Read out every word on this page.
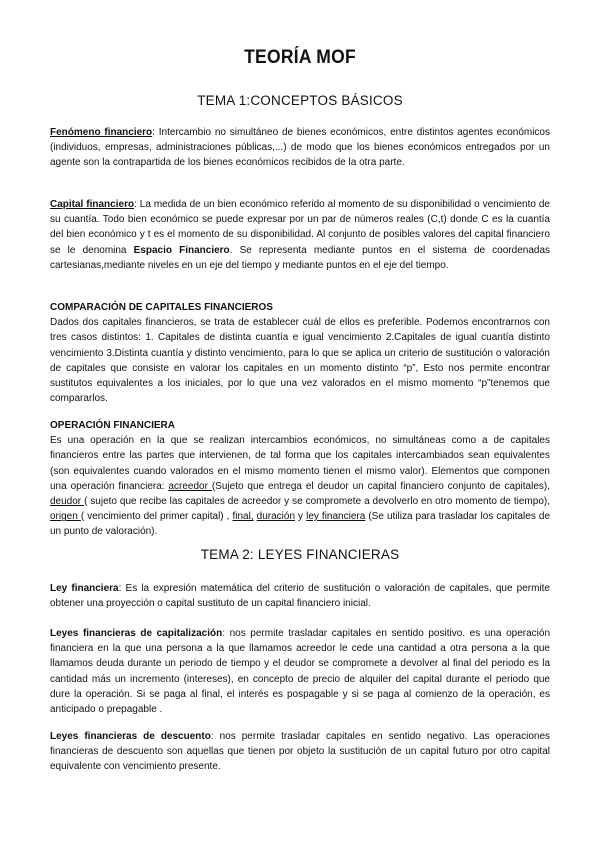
TEORÍA MOF
TEMA 1:CONCEPTOS BÁSICOS

Fenómeno financiero: Intercambio no simultáneo de bienes económicos, entre distintos agentes económicos (individuos, empresas, administraciones públicas,...) de modo que los bienes económicos entregados por un agente son la contrapartida de los bienes económicos recibidos de la otra parte.

Capital financiero: La medida de un bien económico referido al momento de su disponibilidad o vencimiento de su cuantía. Todo bien económico se puede expresar por un par de números reales (C,t) donde C es la cuantía del bien económico y t es el momento de su disponibilidad. Al conjunto de posibles valores del capital financiero se le denomina Espacio Financiero. Se representa mediante puntos en el sistema de coordenadas cartesianas,mediante niveles en un eje del tiempo y mediante puntos en el eje del tiempo.

COMPARACIÓN DE CAPITALES FINANCIEROS
Dados dos capitales financieros, se trata de establecer cuál de ellos es preferible. Podemos encontrarnos con tres casos distintos: 1. Capitales de distinta cuantía e igual vencimiento 2.Capitales de igual cuantía distinto vencimiento 3.Distinta cuantía y distinto vencimiento, para lo que se aplica un criterio de sustitución o valoración de capitales que consiste en valorar los capitales en un momento distinto “p”, Esto nos permite encontrar sustitutos equivalentes a los iniciales, por lo que una vez valorados en el mismo momento “p”tenemos que compararlos.
OPERACIÓN FINANCIERA
Es una operación en la que se realizan intercambios económicos, no simultáneas como a de capitales financieros entre las partes que intervienen, de tal forma que los capitales intercambiados sean equivalentes (son equivalentes cuando valorados en el mismo momento tienen el mismo valor). Elementos que componen una operación financiera: acreedor (Sujeto que entrega el deudor un capital financiero conjunto de capitales), deudor ( sujeto que recibe las capitales de acreedor y se compromete a devolverlo en otro momento de tiempo), origen ( vencimiento del primer capital) , final, duración y ley financiera (Se utiliza para trasladar los capitales de un punto de valoración).
TEMA 2: LEYES FINANCIERAS

Ley financiera: Es la expresión matemática del criterio de sustitución o valoración de capitales, que permite obtener una proyección o capital sustituto de un capital financiero inicial.

Leyes financieras de capitalización: nos permite trasladar capitales en sentido positivo. es una operación financiera en la que una persona a la que llamamos acreedor le cede una cantidad a otra persona a la que llamamos deuda durante un periodo de tiempo y el deudor se compromete a devolver al final del periodo es la cantidad más un incremento (intereses), en concepto de precio de alquiler del capital durante el periodo que dure la operación. Si se paga al final, el interés es pospagable y si se paga al comienzo de la operación, es anticipado o prepagable .

Leyes financieras de descuento: nos permite trasladar capitales en sentido negativo. Las operaciones financieras de descuento son aquellas que tienen por objeto la sustitución de un capital futuro por otro capital equivalente con vencimiento presente.
